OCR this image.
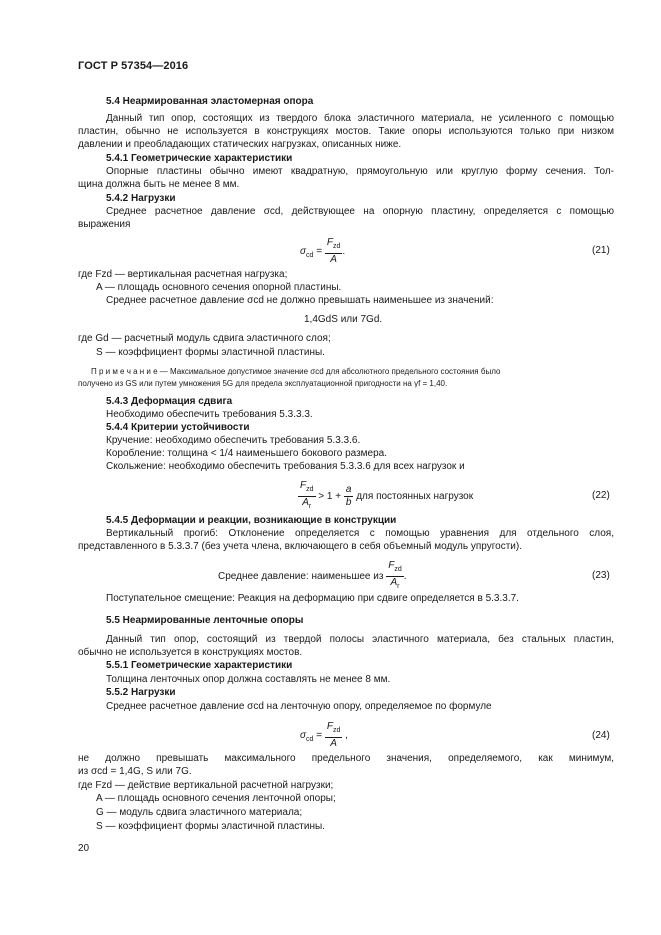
ГОСТ Р 57354—2016
5.4 Неармированная эластомерная опора
Данный тип опор, состоящих из твердого блока эластичного материала, не усиленного с помощью
пластин, обычно не используется в конструкциях мостов. Такие опоры используются только при низком
давлении и преобладающих статических нагрузках, описанных ниже.
5.4.1 Геометрические характеристики
Опорные пластины обычно имеют квадратную, прямоугольную или круглую форму сечения. Тол-
щина должна быть не менее 8 мм.
5.4.2 Нагрузки
Среднее расчетное давление σcd, действующее на опорную пластину, определяется с помощью
выражения
$\sigma_{cd} = \frac{F_{zd}}{A}$ .	(21)
где Fzd — вертикальная расчетная нагрузка;
A — площадь основного сечения опорной пластины.
Среднее расчетное давление σcd не должно превышать наименьшее из значений:
1,4GdS или 7Gd.
где Gd — расчетный модуль сдвига эластичного слоя;
S — коэффициент формы эластичной пластины.
П р и м е ч а н и е — Максимальное допустимое значение σcd для абсолютного предельного состояния было
получено из GS или путем умножения 5G для предела эксплуатационной пригодности на γf = 1,40.
5.4.3 Деформация сдвига
Необходимо обеспечить требования 5.3.3.3.
5.4.4 Критерии устойчивости
Кручение: необходимо обеспечить требования 5.3.3.6.
Коробление: толщина < 1/4 наименьшего бокового размера.
Скольжение: необходимо обеспечить требования 5.3.3.6 для всех нагрузок и
$\frac{F_{zd}}{A_r} > 1 + \frac{a}{b}$ для постоянных нагрузок	(22)
5.4.5 Деформации и реакции, возникающие в конструкции
Вертикальный прогиб: Отклонение определяется с помощью уравнения для отдельного слоя,
представленного в 5.3.3.7 (без учета члена, включающего в себя объемный модуль упругости).
Среднее давление: наименьшее из $\frac{F_{zd}}{A_r}$ .	(23)
Поступательное смещение: Реакция на деформацию при сдвиге определяется в 5.3.3.7.
5.5 Неармированные ленточные опоры
Данный тип опор, состоящий из твердой полосы эластичного материала, без стальных пластин,
обычно не используется в конструкциях мостов.
5.5.1 Геометрические характеристики
Толщина ленточных опор должна составлять не менее 8 мм.
5.5.2 Нагрузки
Среднее расчетное давление σcd на ленточную опору, определяемое по формуле
$\sigma_{cd} = \frac{F_{zd}}{A}$ ,	(24)
не должно превышать максимального предельного значения, определяемого, как минимум,
из σcd = 1,4G, S или 7G.
где Fzd — действие вертикальной расчетной нагрузки;
A — площадь основного сечения ленточной опоры;
G — модуль сдвига эластичного материала;
S — коэффициент формы эластичной пластины.
20
